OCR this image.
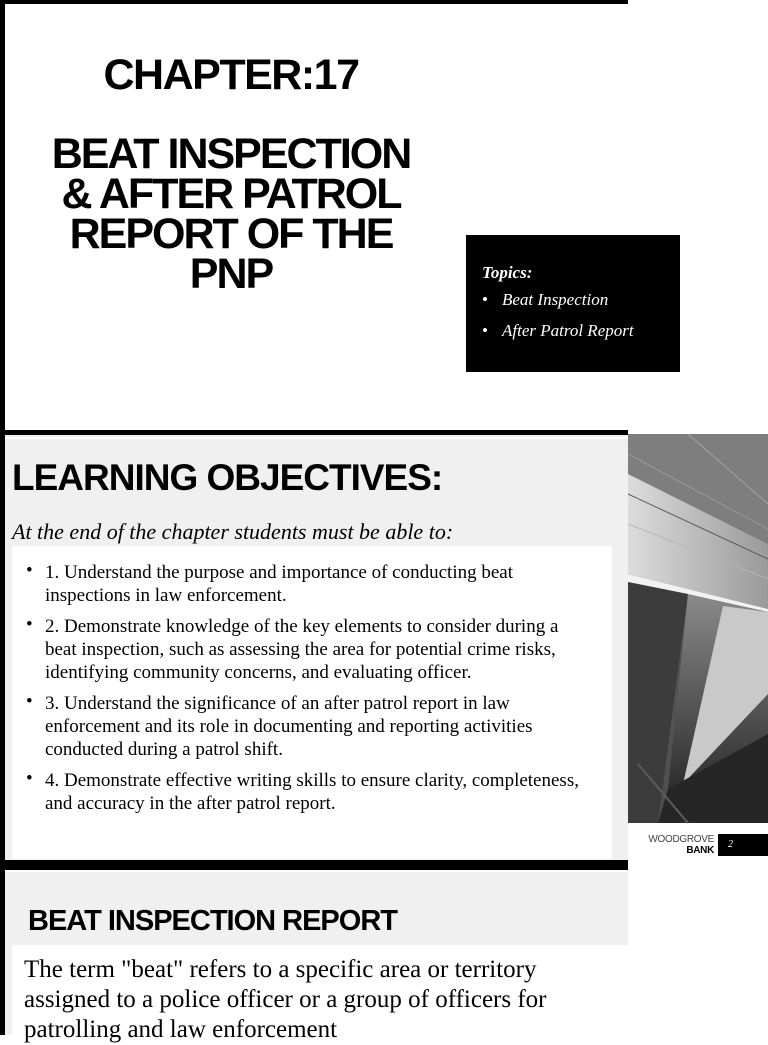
CHAPTER:17
BEAT INSPECTION
& AFTER PATROL
REPORT OF THE
PNP	Topics:
• Beat Inspection
• After Patrol Report
LEARNING OBJECTIVES:
At the end of the chapter students must be able to:
• 1. Understand the purpose and importance of conducting beat inspections in law enforcement.
• 2. Demonstrate knowledge of the key elements to consider during a beat inspection, such as assessing the area for potential crime risks, identifying community concerns, and evaluating officer.
• 3. Understand the significance of an after patrol report in law enforcement and its role in documenting and reporting activities conducted during a patrol shift.
• 4. Demonstrate effective writing skills to ensure clarity, completeness, and accuracy in the after patrol report.
WOODGROVE
BANK
2
BEAT INSPECTION REPORT
The term "beat" refers to a specific area or territory assigned to a police officer or a group of officers for patrolling and law enforcement
